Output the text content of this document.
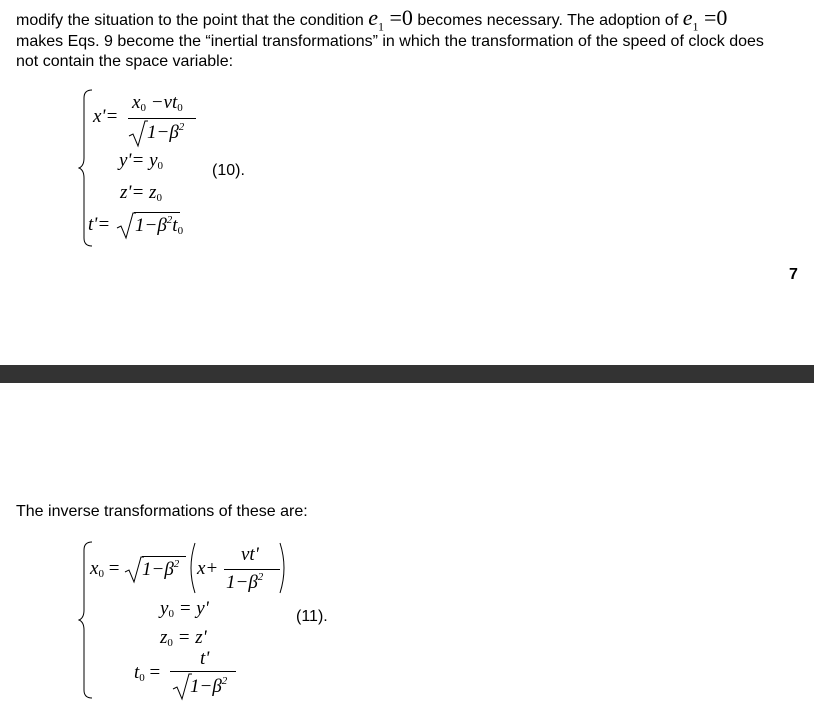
modify the situation to the point that the condition $e_1 =0$ becomes necessary. The adoption of $e_1 =0$
makes Eqs. 9 become the “inertial transformations” in which the transformation of the speed of clock does
not contain the space variable:
x'=
$x_0 -vt_0$
$1-\beta^2$
$y'= y_0$
$z'= z_0$
$t'= 1-\beta^2t_0$
(10).
7
The inverse transformations of these are:
$x_0 = 1-\beta^2$ x+
vt'
$1-\beta^2$
$y_0 = y'$
$z_0 = z'$
$t_0$ =
t'
$1-\beta^2$
(11).
